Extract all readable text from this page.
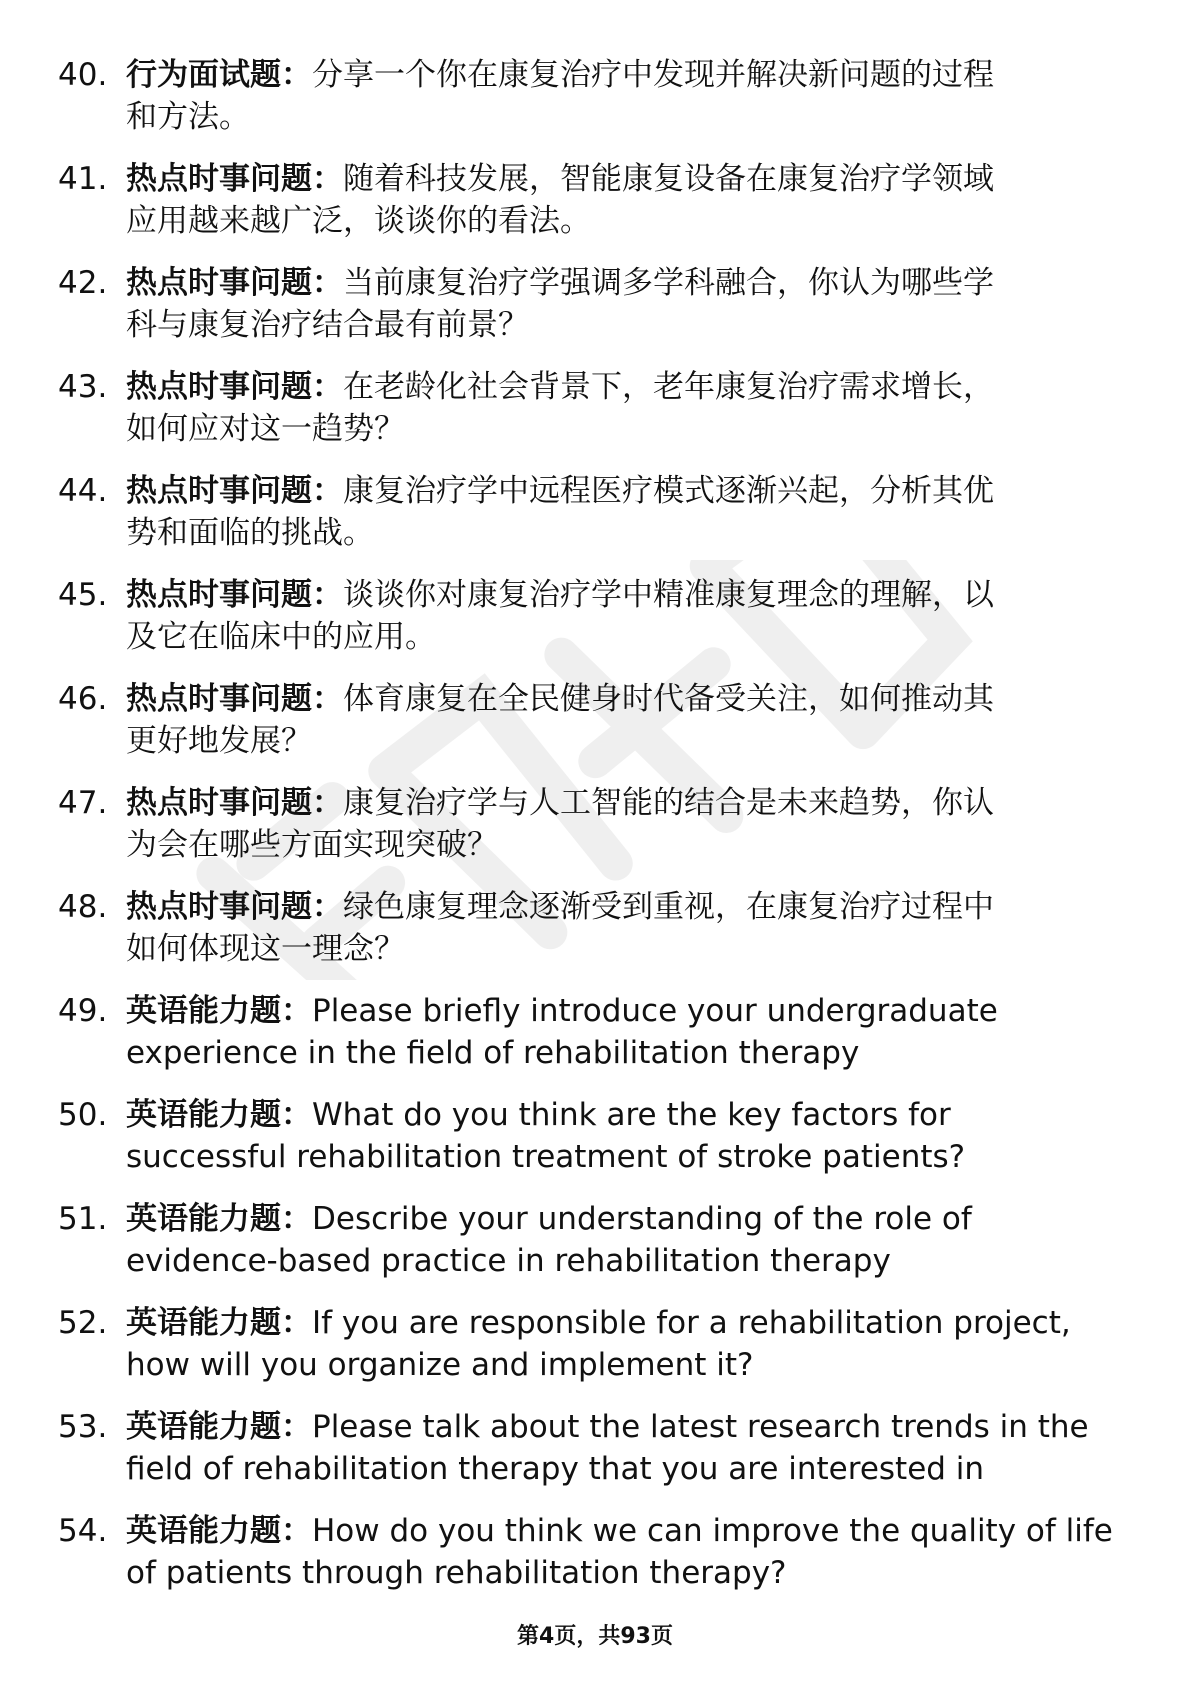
40. 行为面试题：分享一个你在康复治疗中发现并解决新问题的过程

和方法。

41. 热点时事问题：随着科技发展，智能康复设备在康复治疗学领域

应用越来越广泛，谈谈你的看法。

42. 热点时事问题：当前康复治疗学强调多学科融合，你认为哪些学

科与康复治疗结合最有前景？

43. 热点时事问题：在老龄化社会背景下，老年康复治疗需求增长，

如何应对这一趋势？

44. 热点时事问题：康复治疗学中远程医疗模式逐渐兴起，分析其优

势和面临的挑战。

45. 热点时事问题：谈谈你对康复治疗学中精准康复理念的理解，以

及它在临床中的应用。

46. 热点时事问题：体育康复在全民健身时代备受关注，如何推动其

更好地发展？

47. 热点时事问题：康复治疗学与人工智能的结合是未来趋势，你认

为会在哪些方面实现突破？

48. 热点时事问题：绿色康复理念逐渐受到重视，在康复治疗过程中

如何体现这一理念？

49. 英语能力题：Please briefly introduce your undergraduate

experience in the field of rehabilitation therapy

50. 英语能力题：What do you think are the key factors for

successful rehabilitation treatment of stroke patients?

51. 英语能力题：Describe your understanding of the role of

evidence-based practice in rehabilitation therapy

52. 英语能力题：If you are responsible for a rehabilitation project,

how will you organize and implement it?

53. 英语能力题：Please talk about the latest research trends in the

field of rehabilitation therapy that you are interested in

54. 英语能力题：How do you think we can improve the quality of life

of patients through rehabilitation therapy?

第4页，共93页
